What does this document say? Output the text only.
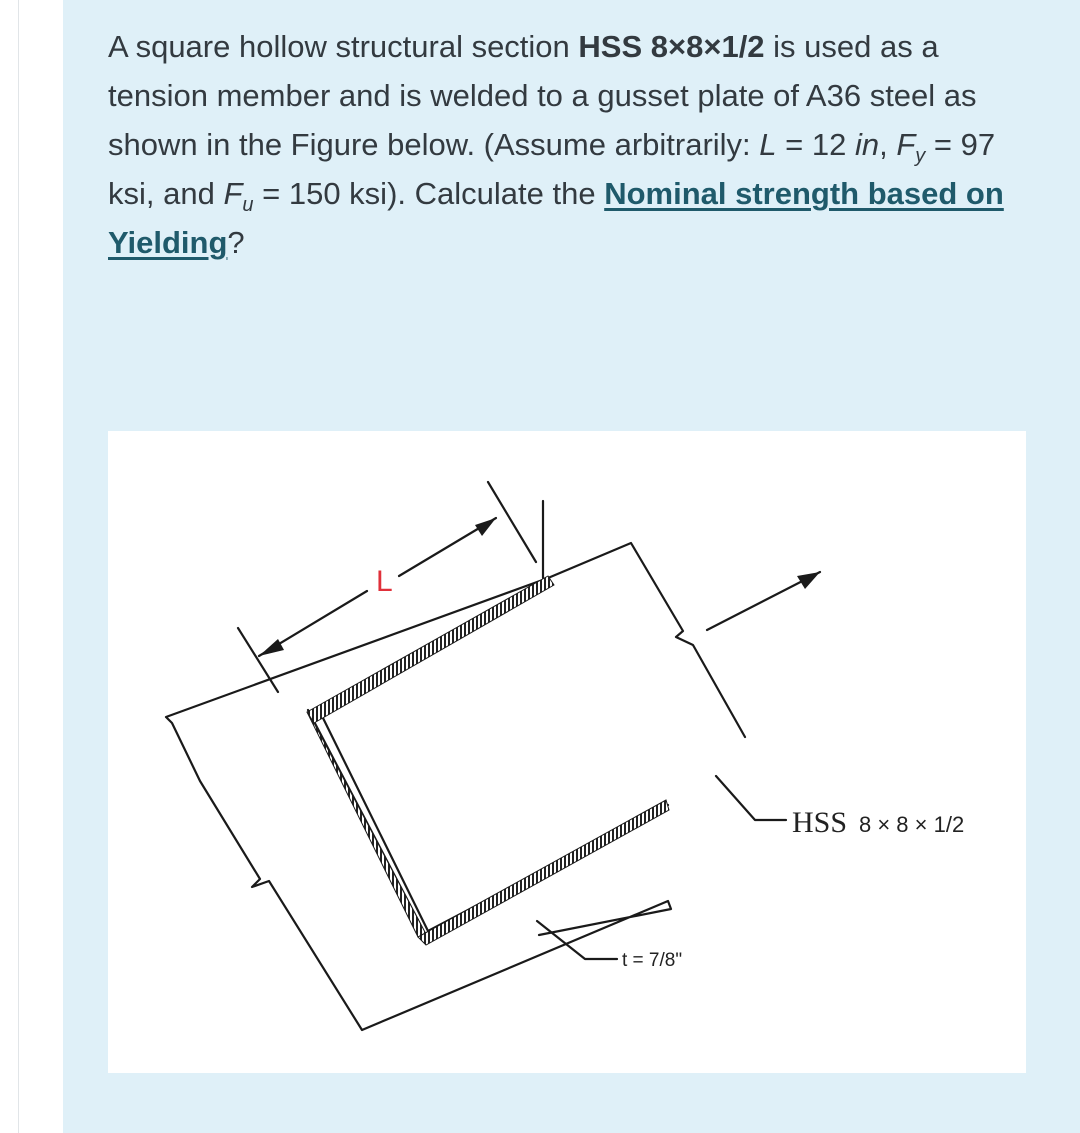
A square hollow structural section HSS 8×8×1/2 is used as a tension member and is welded to a gusset plate of A36 steel as shown in the Figure below. (Assume arbitrarily: L = 12 in, $F_y = 97$ ksi, and $F_u = 150$ ksi). Calculate the Nominal strength based on Yielding?
L
HSS 8 × 8 × 1/2
t = 7/8"
